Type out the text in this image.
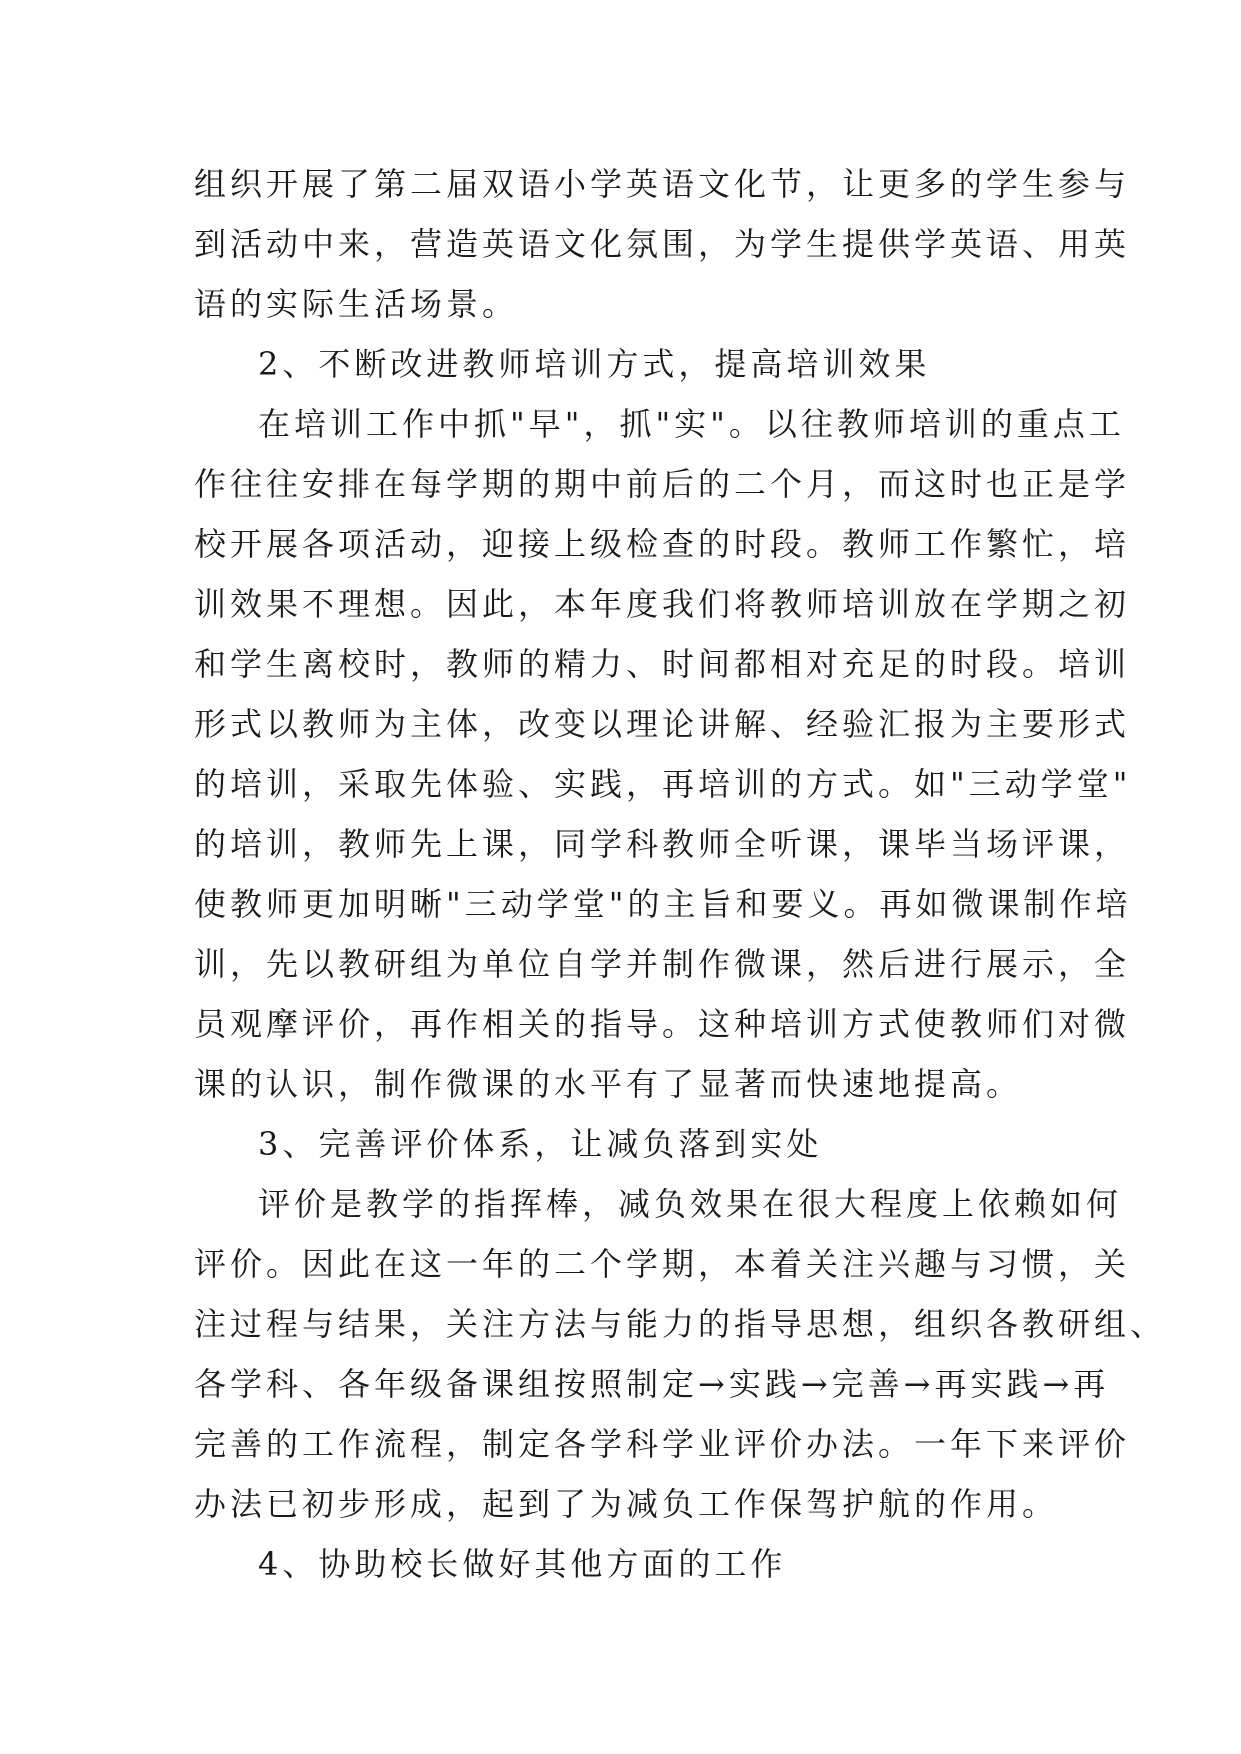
组织开展了第二届双语小学英语文化节，让更多的学生参与
到活动中来，营造英语文化氛围，为学生提供学英语、用英
语的实际生活场景。
2、不断改进教师培训方式，提高培训效果
在培训工作中抓"早"，抓"实"。以往教师培训的重点工
作往往安排在每学期的期中前后的二个月，而这时也正是学
校开展各项活动，迎接上级检查的时段。教师工作繁忙，培
训效果不理想。因此，本年度我们将教师培训放在学期之初
和学生离校时，教师的精力、时间都相对充足的时段。培训
形式以教师为主体，改变以理论讲解、经验汇报为主要形式
的培训，采取先体验、实践，再培训的方式。如"三动学堂"
的培训，教师先上课，同学科教师全听课，课毕当场评课，
使教师更加明晰"三动学堂"的主旨和要义。再如微课制作培
训，先以教研组为单位自学并制作微课，然后进行展示，全
员观摩评价，再作相关的指导。这种培训方式使教师们对微
课的认识，制作微课的水平有了显著而快速地提高。
3、完善评价体系，让减负落到实处
评价是教学的指挥棒，减负效果在很大程度上依赖如何
评价。因此在这一年的二个学期，本着关注兴趣与习惯，关
注过程与结果，关注方法与能力的指导思想，组织各教研组、
各学科、各年级备课组按照制定→实践→完善→再实践→再
完善的工作流程，制定各学科学业评价办法。一年下来评价
办法已初步形成，起到了为减负工作保驾护航的作用。
4、协助校长做好其他方面的工作
